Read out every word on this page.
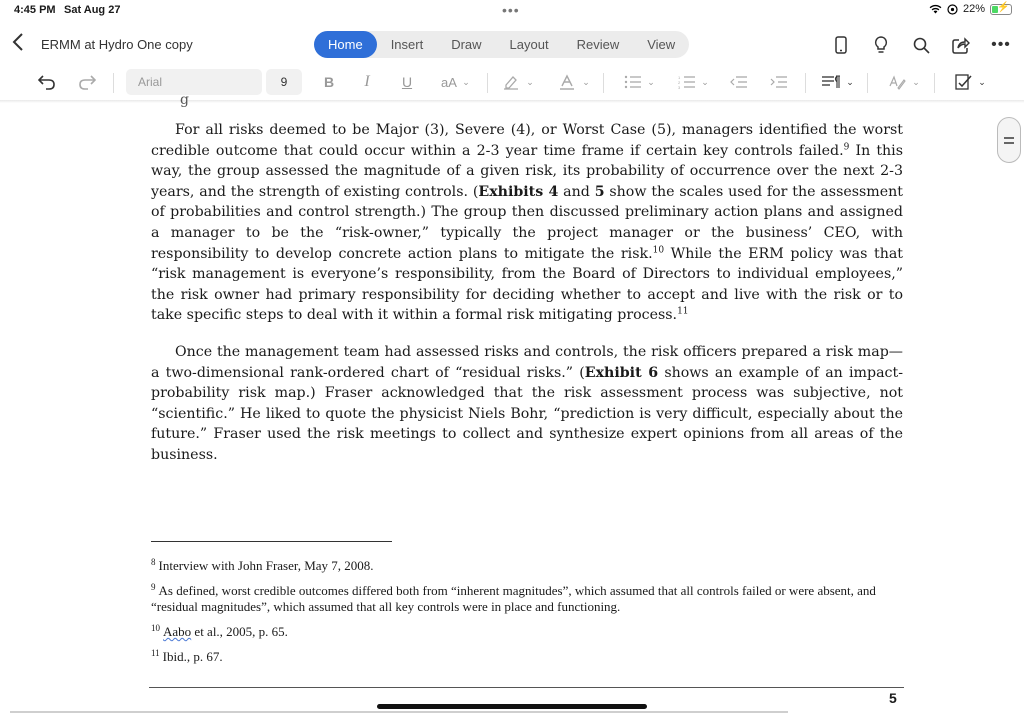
4:45 PM Sat Aug 27	•••	22% ⚡
ERMM at Hydro One copy	Home	Insert	Draw	Layout	Review	View	•••
Arial	9	B	I	U	aA ⌄	⌄	⌄	⌄	1
2
3
⌄	⌄	⌄	⌄
g

For all risks deemed to be Major (3), Severe (4), or Worst Case (5), managers identified the worst credible outcome that could occur within a 2-3 year time frame if certain key controls failed.$^9$ In this way, the group assessed the magnitude of a given risk, its probability of occurrence over the next 2-3 years, and the strength of existing controls. (Exhibits 4 and 5 show the scales used for the assessment of probabilities and control strength.) The group then discussed preliminary action plans and assigned a manager to be the “risk-owner,” typically the project manager or the business’ CEO, with responsibility to develop concrete action plans to mitigate the risk.$^{10}$ While the ERM policy was that “risk management is everyone’s responsibility, from the Board of Directors to individual employees,” the risk owner had primary responsibility for deciding whether to accept and live with the risk or to take specific steps to deal with it within a formal risk mitigating process.$^{11}$

Once the management team had assessed risks and controls, the risk officers prepared a risk map—a two-dimensional rank-ordered chart of “residual risks.” (Exhibit 6 shows an example of an impact-probability risk map.) Fraser acknowledged that the risk assessment process was subjective, not “scientific.” He liked to quote the physicist Niels Bohr, “prediction is very difficult, especially about the future.” Fraser used the risk meetings to collect and synthesize expert opinions from all areas of the business.

$^8$ Interview with John Fraser, May 7, 2008.

$^9$ As defined, worst credible outcomes differed both from “inherent magnitudes”, which assumed that all controls failed or were absent, and “residual magnitudes”, which assumed that all key controls were in place and functioning.

$^{10}$ Aabo et al., 2005, p. 65.

$^{11}$ Ibid., p. 67.

5
